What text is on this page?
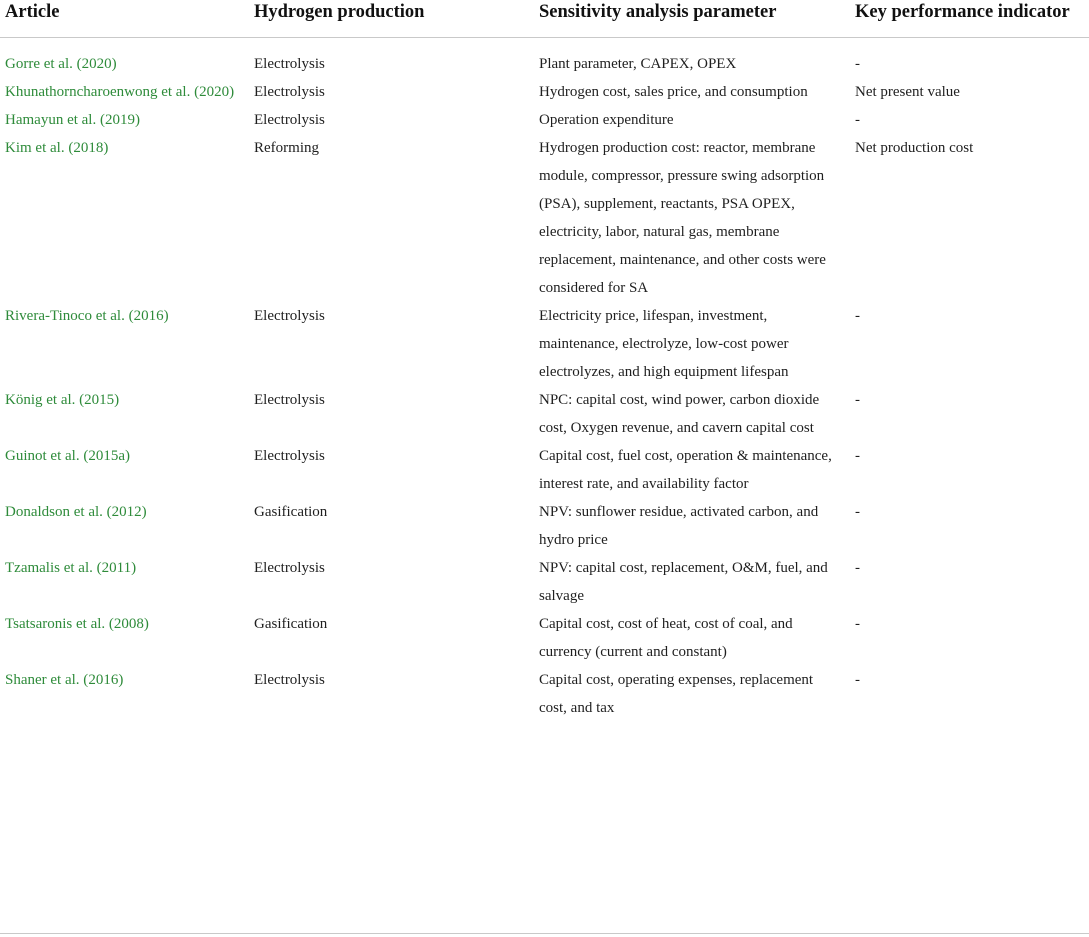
Article	Hydrogen production	Sensitivity analysis parameter	Key performance indicator
Gorre et al. (2020)	Electrolysis	Plant parameter, CAPEX, OPEX	-
Khunathorncharoenwong et al. (2020)	Electrolysis	Hydrogen cost, sales price, and consumption	Net present value
Hamayun et al. (2019)	Electrolysis	Operation expenditure	-
Kim et al. (2018)	Reforming	Hydrogen production cost: reactor, membrane module, compressor, pressure swing adsorption (PSA), supplement, reactants, PSA OPEX, electricity, labor, natural gas, membrane replacement, maintenance, and other costs were considered for SA	Net production cost
Rivera-Tinoco et al. (2016)	Electrolysis	Electricity price, lifespan, investment, maintenance, electrolyze, low-cost power electrolyzes, and high equipment lifespan	-
König et al. (2015)	Electrolysis	NPC: capital cost, wind power, carbon dioxide cost, Oxygen revenue, and cavern capital cost	-
Guinot et al. (2015a)	Electrolysis	Capital cost, fuel cost, operation & maintenance, interest rate, and availability factor	-
Donaldson et al. (2012)	Gasification	NPV: sunflower residue, activated carbon, and hydro price	-
Tzamalis et al. (2011)	Electrolysis	NPV: capital cost, replacement, O&M, fuel, and salvage	-
Tsatsaronis et al. (2008)	Gasification	Capital cost, cost of heat, cost of coal, and currency (current and constant)	-
Shaner et al. (2016)	Electrolysis	Capital cost, operating expenses, replacement cost, and tax	-
